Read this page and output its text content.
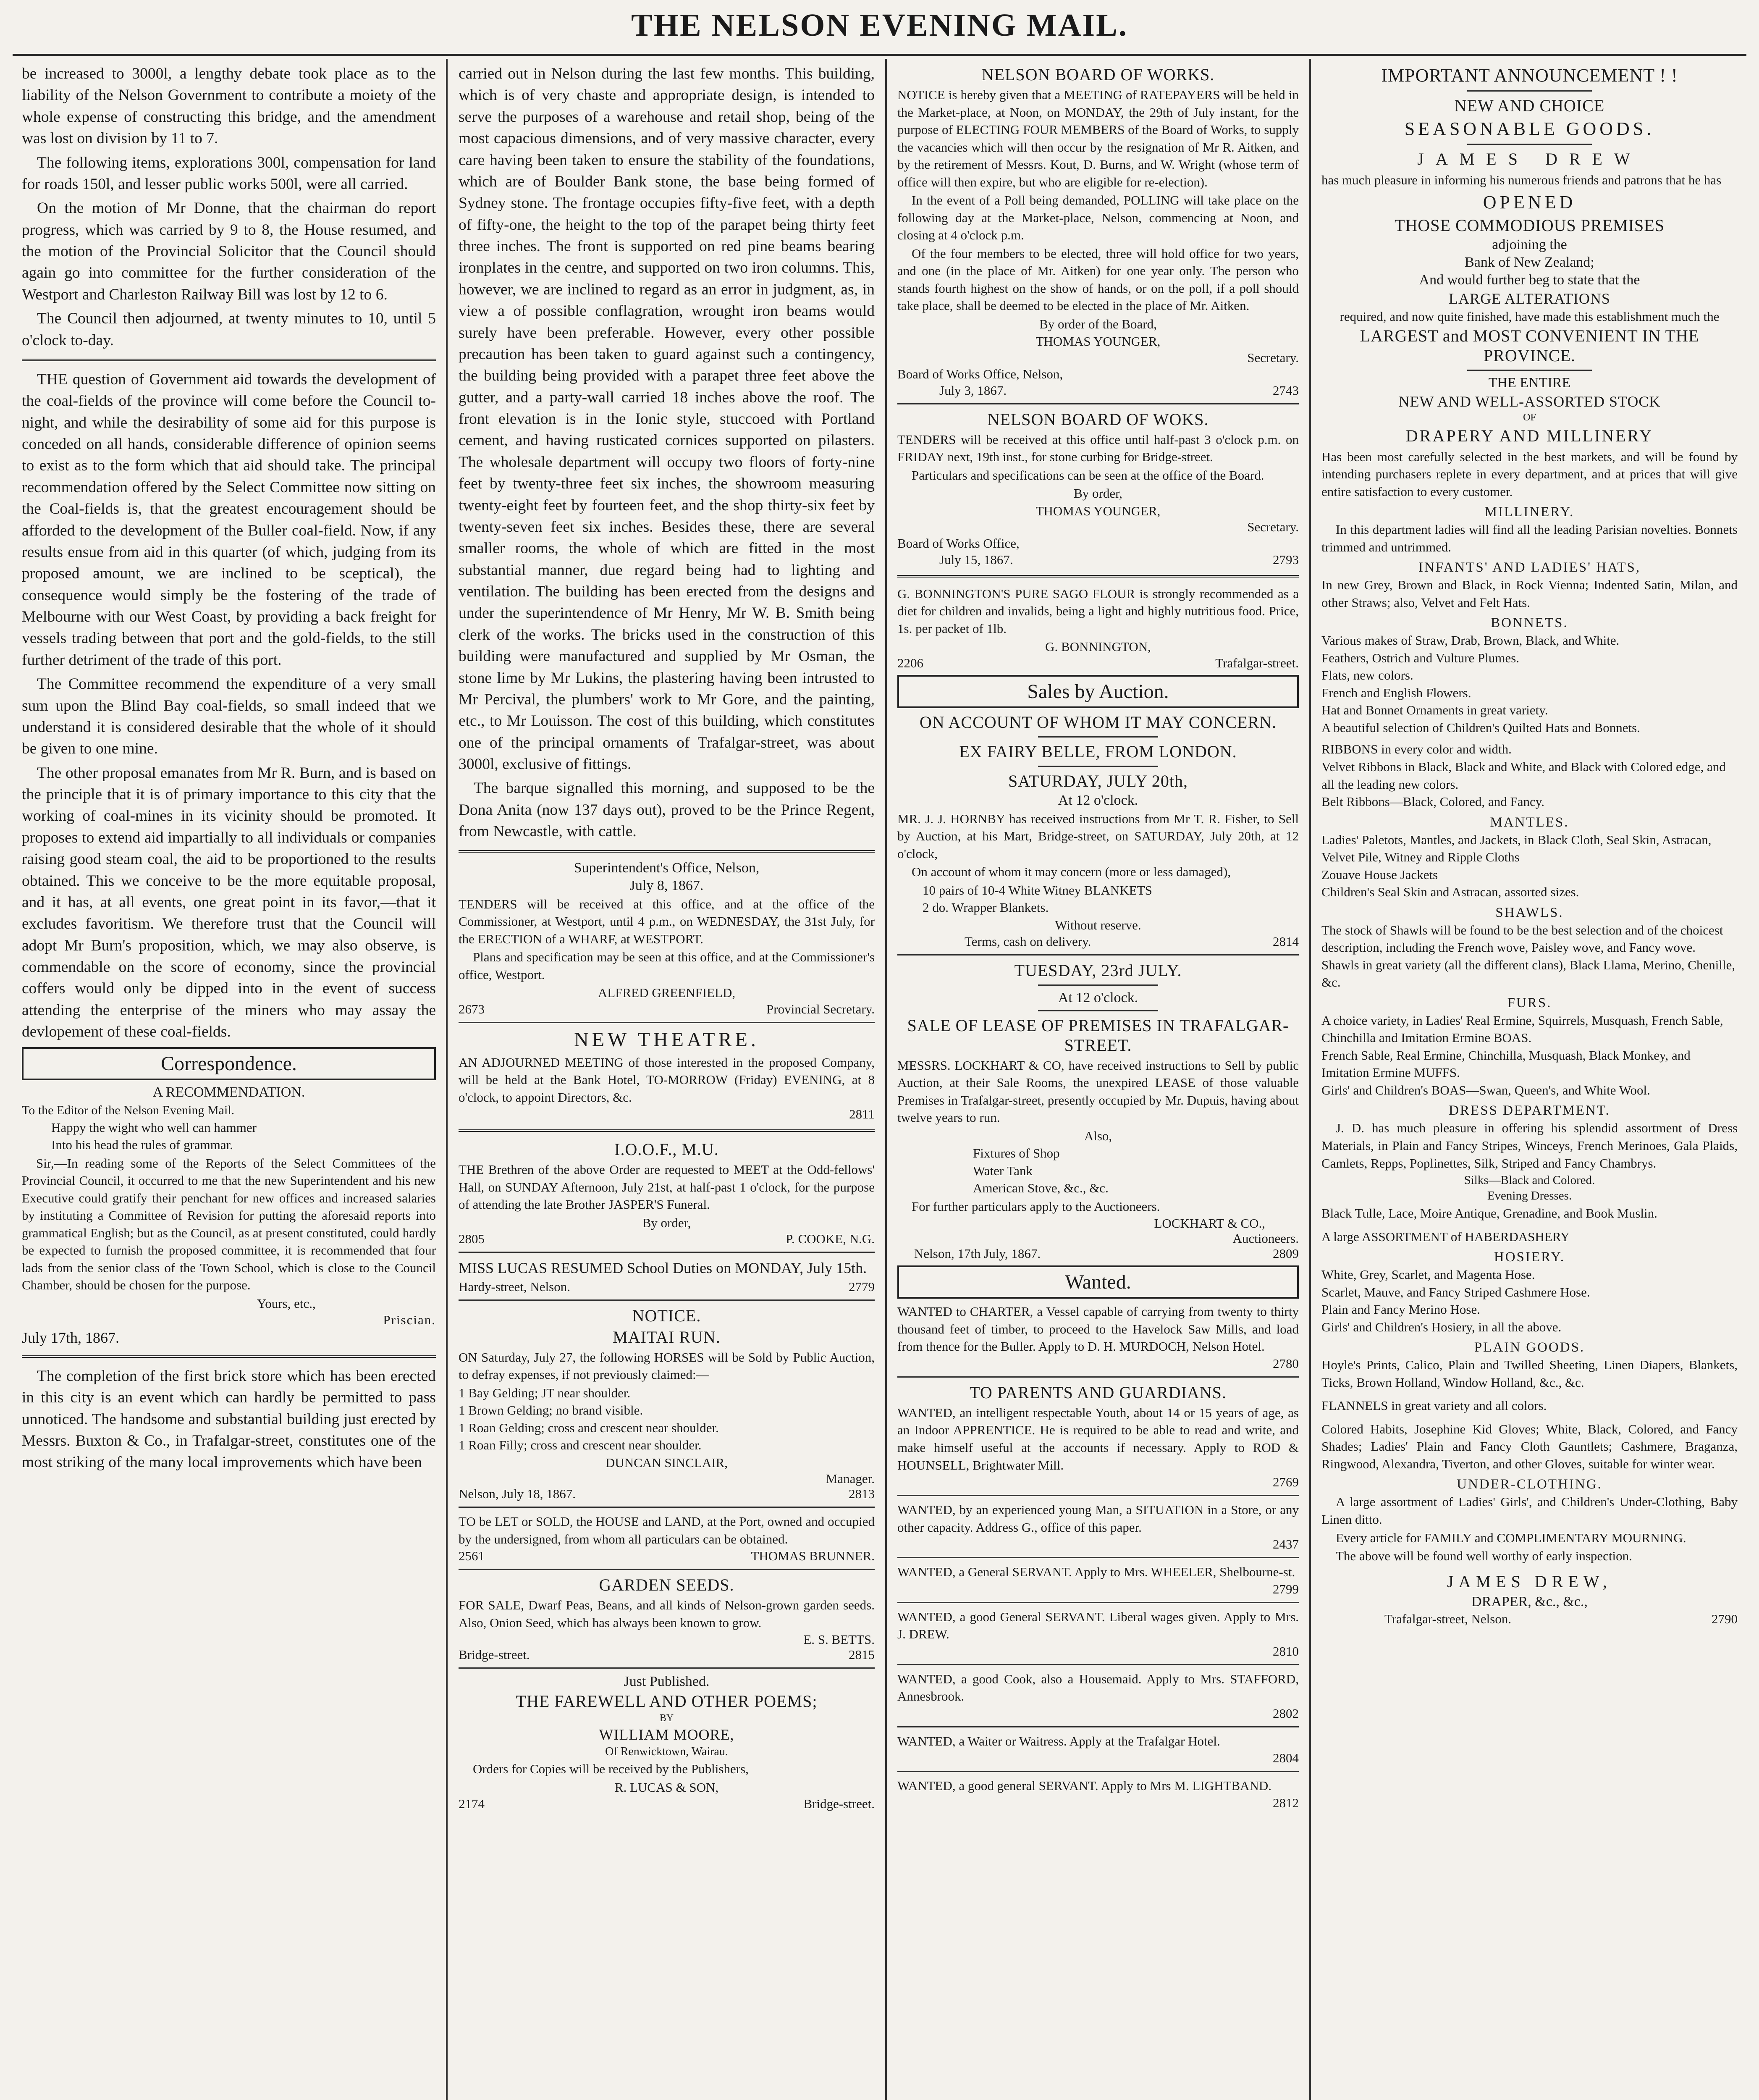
THE NELSON EVENING MAIL.

be increased to 3000l, a lengthy debate took place as to the liability of the Nelson Government to contribute a moiety of the whole expense of constructing this bridge, and the amendment was lost on division by 11 to 7.

The following items, explorations 300l, compensation for land for roads 150l, and lesser public works 500l, were all carried.

On the motion of Mr Donne, that the chairman do report progress, which was carried by 9 to 8, the House resumed, and the motion of the Provincial Solicitor that the Council should again go into committee for the further consideration of the Westport and Charleston Railway Bill was lost by 12 to 6.

The Council then adjourned, at twenty minutes to 10, until 5 o'clock to-day.

THE question of Government aid towards the development of the coal-fields of the province will come before the Council to-night, and while the desirability of some aid for this purpose is conceded on all hands, considerable difference of opinion seems to exist as to the form which that aid should take. The principal recommendation offered by the Select Committee now sitting on the Coal-fields is, that the greatest encouragement should be afforded to the development of the Buller coal-field. Now, if any results ensue from aid in this quarter (of which, judging from its proposed amount, we are inclined to be sceptical), the consequence would simply be the fostering of the trade of Melbourne with our West Coast, by providing a back freight for vessels trading between that port and the gold-fields, to the still further detriment of the trade of this port.

The Committee recommend the expenditure of a very small sum upon the Blind Bay coal-fields, so small indeed that we understand it is considered desirable that the whole of it should be given to one mine.

The other proposal emanates from Mr R. Burn, and is based on the principle that it is of primary importance to this city that the working of coal-mines in its vicinity should be promoted. It proposes to extend aid impartially to all individuals or companies raising good steam coal, the aid to be proportioned to the results obtained. This we conceive to be the more equitable proposal, and it has, at all events, one great point in its favor,—that it excludes favoritism. We therefore trust that the Council will adopt Mr Burn's proposition, which, we may also observe, is commendable on the score of economy, since the provincial coffers would only be dipped into in the event of success attending the enterprise of the miners who may assay the devlopement of these coal-fields.

Correspondence.
A RECOMMENDATION.

To the Editor of the Nelson Evening Mail.

Happy the wight who well can hammer

Into his head the rules of grammar.

Sir,—In reading some of the Reports of the Select Committees of the Provincial Council, it occurred to me that the new Superintendent and his new Executive could gratify their penchant for new offices and increased salaries by instituting a Committee of Revision for putting the aforesaid reports into grammatical English; but as the Council, as at present constituted, could hardly be expected to furnish the proposed committee, it is recommended that four lads from the senior class of the Town School, which is close to the Council Chamber, should be chosen for the purpose.

Yours, etc.,

Priscian.

July 17th, 1867.

The completion of the first brick store which has been erected in this city is an event which can hardly be permitted to pass unnoticed. The handsome and substantial building just erected by Messrs. Buxton & Co., in Trafalgar-street, constitutes one of the most striking of the many local improvements which have been

carried out in Nelson during the last few months. This building, which is of very chaste and appropriate design, is intended to serve the purposes of a warehouse and retail shop, being of the most capacious dimensions, and of very massive character, every care having been taken to ensure the stability of the foundations, which are of Boulder Bank stone, the base being formed of Sydney stone. The frontage occupies fifty-five feet, with a depth of fifty-one, the height to the top of the parapet being thirty feet three inches. The front is supported on red pine beams bearing ironplates in the centre, and supported on two iron columns. This, however, we are inclined to regard as an error in judgment, as, in view a of possible conflagration, wrought iron beams would surely have been preferable. However, every other possible precaution has been taken to guard against such a contingency, the building being provided with a parapet three feet above the gutter, and a party-wall carried 18 inches above the roof. The front elevation is in the Ionic style, stuccoed with Portland cement, and having rusticated cornices supported on pilasters. The wholesale department will occupy two floors of forty-nine feet by twenty-three feet six inches, the showroom measuring twenty-eight feet by fourteen feet, and the shop thirty-six feet by twenty-seven feet six inches. Besides these, there are several smaller rooms, the whole of which are fitted in the most substantial manner, due regard being had to lighting and ventilation. The building has been erected from the designs and under the superintendence of Mr Henry, Mr W. B. Smith being clerk of the works. The bricks used in the construction of this building were manufactured and supplied by Mr Osman, the stone lime by Mr Lukins, the plastering having been intrusted to Mr Percival, the plumbers' work to Mr Gore, and the painting, etc., to Mr Louisson. The cost of this building, which constitutes one of the principal ornaments of Trafalgar-street, was about 3000l, exclusive of fittings.

The barque signalled this morning, and supposed to be the Dona Anita (now 137 days out), proved to be the Prince Regent, from Newcastle, with cattle.

Superintendent's Office, Nelson,
July 8, 1867.

TENDERS will be received at this office, and at the office of the Commissioner, at Westport, until 4 p.m., on WEDNESDAY, the 31st July, for the ERECTION of a WHARF, at WESTPORT.

Plans and specification may be seen at this office, and at the Commissioner's office, Westport.

ALFRED GREENFIELD,

2673	Provincial Secretary.
NEW THEATRE.

AN ADJOURNED MEETING of those interested in the proposed Company, will be held at the Bank Hotel, TO-MORROW (Friday) EVENING, at 8 o'clock, to appoint Directors, &c.

2811

I.O.O.F., M.U.

THE Brethren of the above Order are requested to MEET at the Odd-fellows' Hall, on SUNDAY Afternoon, July 21st, at half-past 1 o'clock, for the purpose of attending the late Brother JASPER'S Funeral.

By order,

2805	P. COOKE, N.G.

MISS LUCAS RESUMED School Duties on MONDAY, July 15th.

Hardy-street, Nelson.	2779
NOTICE.
MAITAI RUN.

ON Saturday, July 27, the following HORSES will be Sold by Public Auction, to defray expenses, if not previously claimed:—

1 Bay Gelding; JT near shoulder.

1 Brown Gelding; no brand visible.

1 Roan Gelding; cross and crescent near shoulder.

1 Roan Filly; cross and crescent near shoulder.

DUNCAN SINCLAIR,

Manager.

Nelson, July 18, 1867.	2813

TO be LET or SOLD, the HOUSE and LAND, at the Port, owned and occupied by the undersigned, from whom all particulars can be obtained.

2561	THOMAS BRUNNER.
GARDEN SEEDS.

FOR SALE, Dwarf Peas, Beans, and all kinds of Nelson-grown garden seeds. Also, Onion Seed, which has always been known to grow.

E. S. BETTS.

Bridge-street.	2815
Just Published.
THE FAREWELL AND OTHER POEMS;
BY
WILLIAM MOORE,
Of Renwicktown, Wairau.

Orders for Copies will be received by the Publishers,

R. LUCAS & SON,

2174	Bridge-street.
NELSON BOARD OF WORKS.

NOTICE is hereby given that a MEETING of RATEPAYERS will be held in the Market-place, at Noon, on MONDAY, the 29th of July instant, for the purpose of ELECTING FOUR MEMBERS of the Board of Works, to supply the vacancies which will then occur by the resignation of Mr R. Aitken, and by the retirement of Messrs. Kout, D. Burns, and W. Wright (whose term of office will then expire, but who are eligible for re-election).

In the event of a Poll being demanded, POLLING will take place on the following day at the Market-place, Nelson, commencing at Noon, and closing at 4 o'clock p.m.

Of the four members to be elected, three will hold office for two years, and one (in the place of Mr. Aitken) for one year only. The person who stands fourth highest on the show of hands, or on the poll, if a poll should take place, shall be deemed to be elected in the place of Mr. Aitken.

By order of the Board,

THOMAS YOUNGER,

Secretary.

Board of Works Office, Nelson,

July 3, 1867.	2743
NELSON BOARD OF WOKS.

TENDERS will be received at this office until half-past 3 o'clock p.m. on FRIDAY next, 19th inst., for stone curbing for Bridge-street.

Particulars and specifications can be seen at the office of the Board.

By order,

THOMAS YOUNGER,

Secretary.

Board of Works Office,

July 15, 1867.	2793

G. BONNINGTON'S PURE SAGO FLOUR is strongly recommended as a diet for children and invalids, being a light and highly nutritious food. Price, 1s. per packet of 1lb.

G. BONNINGTON,

2206	Trafalgar-street.
Sales by Auction.
ON ACCOUNT OF WHOM IT MAY CONCERN.
EX FAIRY BELLE, FROM LONDON.
SATURDAY, JULY 20th,
At 12 o'clock.

MR. J. J. HORNBY has received instructions from Mr T. R. Fisher, to Sell by Auction, at his Mart, Bridge-street, on SATURDAY, July 20th, at 12 o'clock,

On account of whom it may concern (more or less damaged),

10 pairs of 10-4 White Witney BLANKETS

2 do. Wrapper Blankets.

Without reserve.

Terms, cash on delivery.	2814
TUESDAY, 23rd JULY.
At 12 o'clock.
SALE OF LEASE OF PREMISES IN TRAFALGAR-STREET.

MESSRS. LOCKHART & CO, have received instructions to Sell by public Auction, at their Sale Rooms, the unexpired LEASE of those valuable Premises in Trafalgar-street, presently occupied by Mr. Dupuis, having about twelve years to run.

Also,

Fixtures of Shop

Water Tank

American Stove, &c., &c.

For further particulars apply to the Auctioneers.

LOCKHART & CO.,

Auctioneers.

Nelson, 17th July, 1867.	2809
Wanted.

WANTED to CHARTER, a Vessel capable of carrying from twenty to thirty thousand feet of timber, to proceed to the Havelock Saw Mills, and load from thence for the Buller. Apply to D. H. MURDOCH, Nelson Hotel.

2780

TO PARENTS AND GUARDIANS.

WANTED, an intelligent respectable Youth, about 14 or 15 years of age, as an Indoor APPRENTICE. He is required to be able to read and write, and make himself useful at the accounts if necessary. Apply to ROD & HOUNSELL, Brightwater Mill.

2769

WANTED, by an experienced young Man, a SITUATION in a Store, or any other capacity. Address G., office of this paper.

2437

WANTED, a General SERVANT. Apply to Mrs. WHEELER, Shelbourne-st.

2799

WANTED, a good General SERVANT. Liberal wages given. Apply to Mrs. J. DREW.

2810

WANTED, a good Cook, also a Housemaid. Apply to Mrs. STAFFORD, Annesbrook.

2802

WANTED, a Waiter or Waitress. Apply at the Trafalgar Hotel.

2804

WANTED, a good general SERVANT. Apply to Mrs M. LIGHTBAND.

2812

IMPORTANT ANNOUNCEMENT ! !
NEW AND CHOICE
SEASONABLE GOODS.
JAMES DREW

has much pleasure in informing his numerous friends and patrons that he has

OPENED
THOSE COMMODIOUS PREMISES
adjoining the
Bank of New Zealand;
And would further beg to state that the
LARGE ALTERATIONS
required, and now quite finished, have made this establishment much the
LARGEST and MOST CONVENIENT IN THE PROVINCE.
THE ENTIRE
NEW AND WELL-ASSORTED STOCK
OF
DRAPERY AND MILLINERY

Has been most carefully selected in the best markets, and will be found by intending purchasers replete in every department, and at prices that will give entire satisfaction to every customer.

MILLINERY.

In this department ladies will find all the leading Parisian novelties. Bonnets trimmed and untrimmed.

INFANTS' AND LADIES' HATS,

In new Grey, Brown and Black, in Rock Vienna; Indented Satin, Milan, and other Straws; also, Velvet and Felt Hats.

BONNETS.

Various makes of Straw, Drab, Brown, Black, and White.

Feathers, Ostrich and Vulture Plumes.

Flats, new colors.

French and English Flowers.

Hat and Bonnet Ornaments in great variety.

A beautiful selection of Children's Quilted Hats and Bonnets.

RIBBONS in every color and width.

Velvet Ribbons in Black, Black and White, and Black with Colored edge, and all the leading new colors.

Belt Ribbons—Black, Colored, and Fancy.

MANTLES.

Ladies' Paletots, Mantles, and Jackets, in Black Cloth, Seal Skin, Astracan, Velvet Pile, Witney and Ripple Cloths

Zouave House Jackets

Children's Seal Skin and Astracan, assorted sizes.

SHAWLS.

The stock of Shawls will be found to be the best selection and of the choicest description, including the French wove, Paisley wove, and Fancy wove.

Shawls in great variety (all the different clans), Black Llama, Merino, Chenille, &c.

FURS.

A choice variety, in Ladies' Real Ermine, Squirrels, Musquash, French Sable, Chinchilla and Imitation Ermine BOAS.

French Sable, Real Ermine, Chinchilla, Musquash, Black Monkey, and Imitation Ermine MUFFS.

Girls' and Children's BOAS—Swan, Queen's, and White Wool.

DRESS DEPARTMENT.

J. D. has much pleasure in offering his splendid assortment of Dress Materials, in Plain and Fancy Stripes, Winceys, French Merinoes, Gala Plaids, Camlets, Repps, Poplinettes, Silk, Striped and Fancy Chambrys.

Silks—Black and Colored.
Evening Dresses.

Black Tulle, Lace, Moire Antique, Grenadine, and Book Muslin.

A large ASSORTMENT of HABERDASHERY

HOSIERY.

White, Grey, Scarlet, and Magenta Hose.

Scarlet, Mauve, and Fancy Striped Cashmere Hose.

Plain and Fancy Merino Hose.

Girls' and Children's Hosiery, in all the above.

PLAIN GOODS.

Hoyle's Prints, Calico, Plain and Twilled Sheeting, Linen Diapers, Blankets, Ticks, Brown Holland, Window Holland, &c., &c.

FLANNELS in great variety and all colors.

Colored Habits, Josephine Kid Gloves; White, Black, Colored, and Fancy Shades; Ladies' Plain and Fancy Cloth Gauntlets; Cashmere, Braganza, Ringwood, Alexandra, Tiverton, and other Gloves, suitable for winter wear.

UNDER-CLOTHING.

A large assortment of Ladies' Girls', and Children's Under-Clothing, Baby Linen ditto.

Every article for FAMILY and COMPLIMENTARY MOURNING.

The above will be found well worthy of early inspection.

JAMES DREW,
DRAPER, &c., &c.,
Trafalgar-street, Nelson.	2790
